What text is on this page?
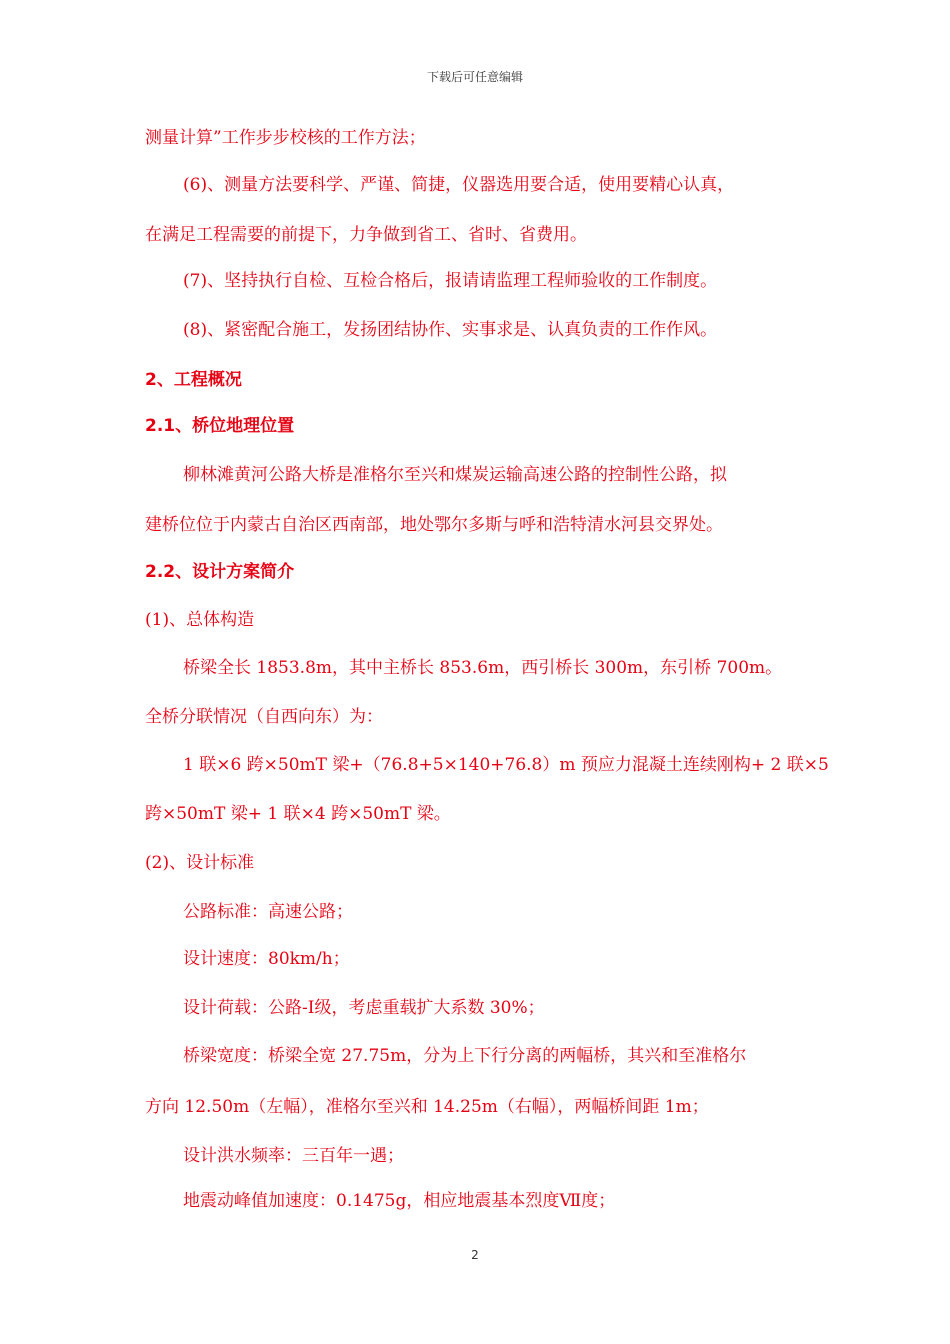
下载后可任意编辑
测量计算”工作步步校核的工作方法；
(6)、测量方法要科学、严谨、简捷，仪器选用要合适，使用要精心认真，
在满足工程需要的前提下，力争做到省工、省时、省费用。
(7)、坚持执行自检、互检合格后，报请请监理工程师验收的工作制度。
(8)、紧密配合施工，发扬团结协作、实事求是、认真负责的工作作风。
2、工程概况
2.1、桥位地理位置
柳林滩黄河公路大桥是准格尔至兴和煤炭运输高速公路的控制性公路，拟
建桥位位于内蒙古自治区西南部，地处鄂尔多斯与呼和浩特清水河县交界处。
2.2、设计方案简介
(1)、总体构造
桥梁全长 1853.8m，其中主桥长 853.6m，西引桥长 300m，东引桥 700m。
全桥分联情况（自西向东）为：
1 联×6 跨×50mT 梁+（76.8+5×140+76.8）m 预应力混凝土连续刚构+ 2 联×5
跨×50mT 梁+ 1 联×4 跨×50mT 梁。
(2)、设计标准
公路标准：高速公路；
设计速度：80km/h；
设计荷载：公路-Ⅰ级，考虑重载扩大系数 30%；
桥梁宽度：桥梁全宽 27.75m，分为上下行分离的两幅桥，其兴和至准格尔
方向 12.50m（左幅），准格尔至兴和 14.25m（右幅），两幅桥间距 1m；
设计洪水频率：三百年一遇；
地震动峰值加速度：0.1475g，相应地震基本烈度Ⅶ度；
2
